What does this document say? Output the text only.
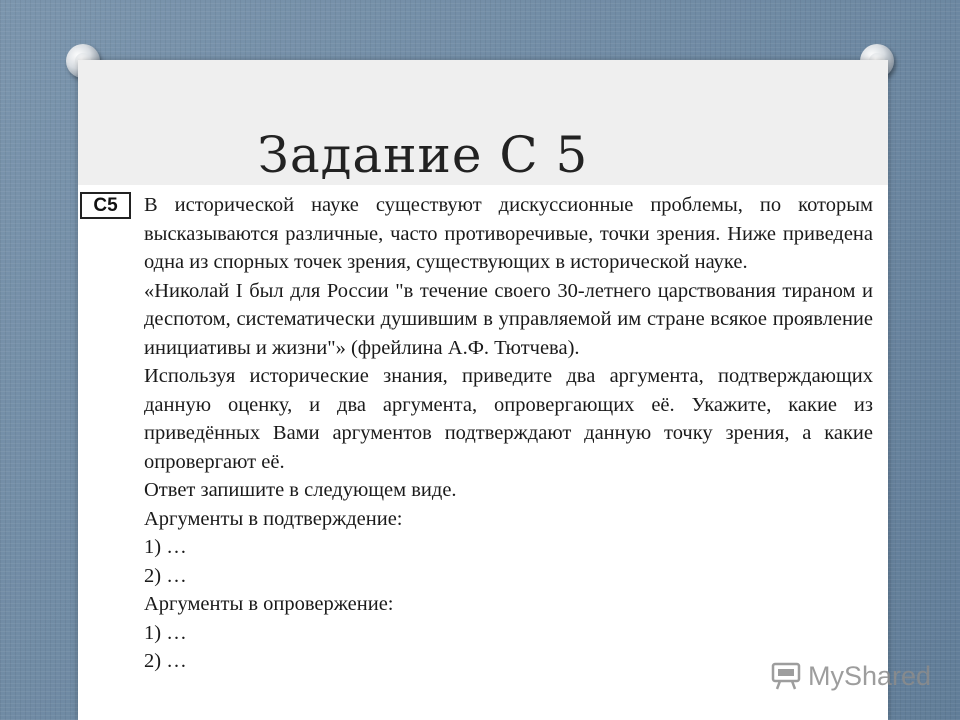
Задание С 5
С5	В исторической науке существуют дискуссионные проблемы, по которым высказываются различные, часто противоречивые, точки зрения. Ниже приведена одна из спорных точек зрения, существующих в исторической науке.

«Николай I был для России "в течение своего 30-летнего царствования тираном и деспотом, систематически душившим в управляемой им стране всякое проявление инициативы и жизни"» (фрейлина А.Ф. Тютчева).

Используя исторические знания, приведите два аргумента, подтверждающих данную оценку, и два аргумента, опровергающих её. Укажите, какие из приведённых Вами аргументов подтверждают данную точку зрения, а какие опровергают её.

Ответ запишите в следующем виде.

Аргументы в подтверждение:

1) …

2) …

Аргументы в опровержение:

1) …

2) …	MyShared
